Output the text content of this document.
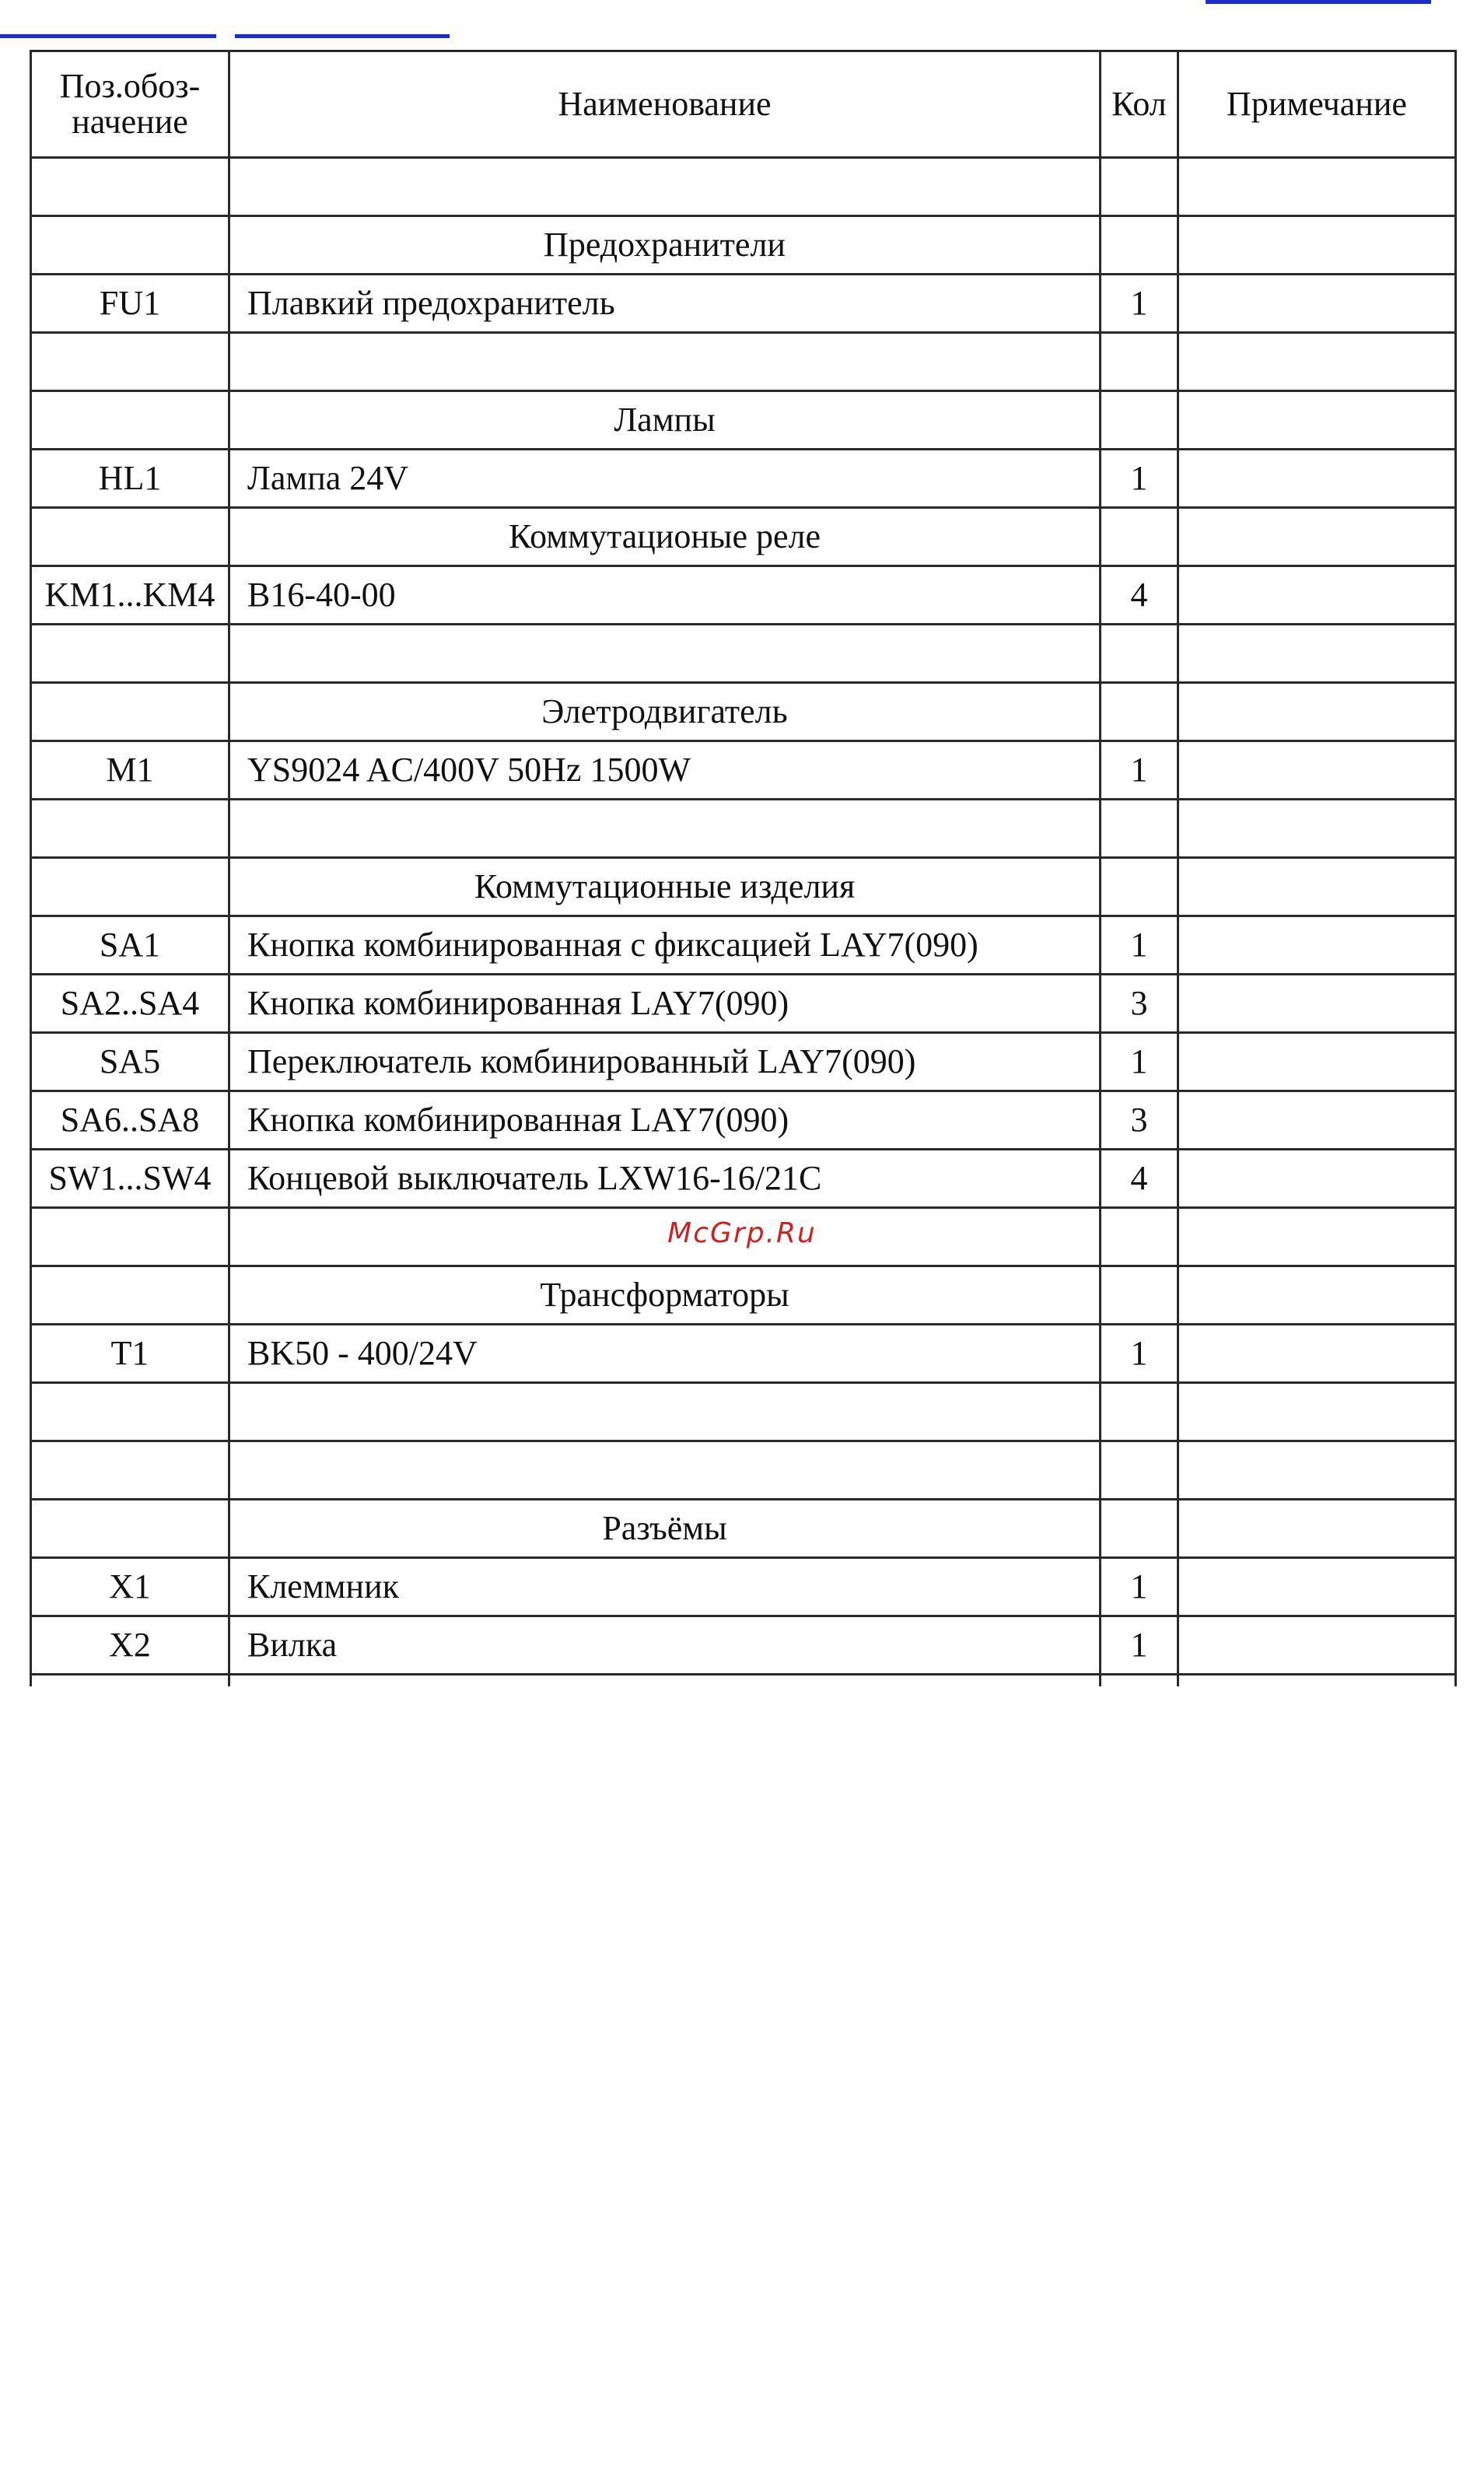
Поз.обоз-
начение	Наименование	Кол	Примечание

	Предохранители		
FU1	Плавкий предохранитель	1	

	Лампы		
HL1	Лампа 24V	1	
	Коммутационые реле		
KM1...KM4	B16-40-00	4	

	Элетродвигатель		
M1	YS9024 AC/400V 50Hz 1500W	1	

	Коммутационные изделия		
SA1	Кнопка комбинированная с фиксацией LAY7(090)	1	
SA2..SA4	Кнопка комбинированная LAY7(090)	3	
SA5	Переключатель комбинированный LAY7(090)	1	
SA6..SA8	Кнопка комбинированная LAY7(090)	3	
SW1...SW4	Концевой выключатель LXW16-16/21C	4	

	Трансформаторы		
T1	BK50 - 400/24V	1	

	Разъёмы		
X1	Клеммник	1	
X2	Вилка	1	

McGrp.Ru
